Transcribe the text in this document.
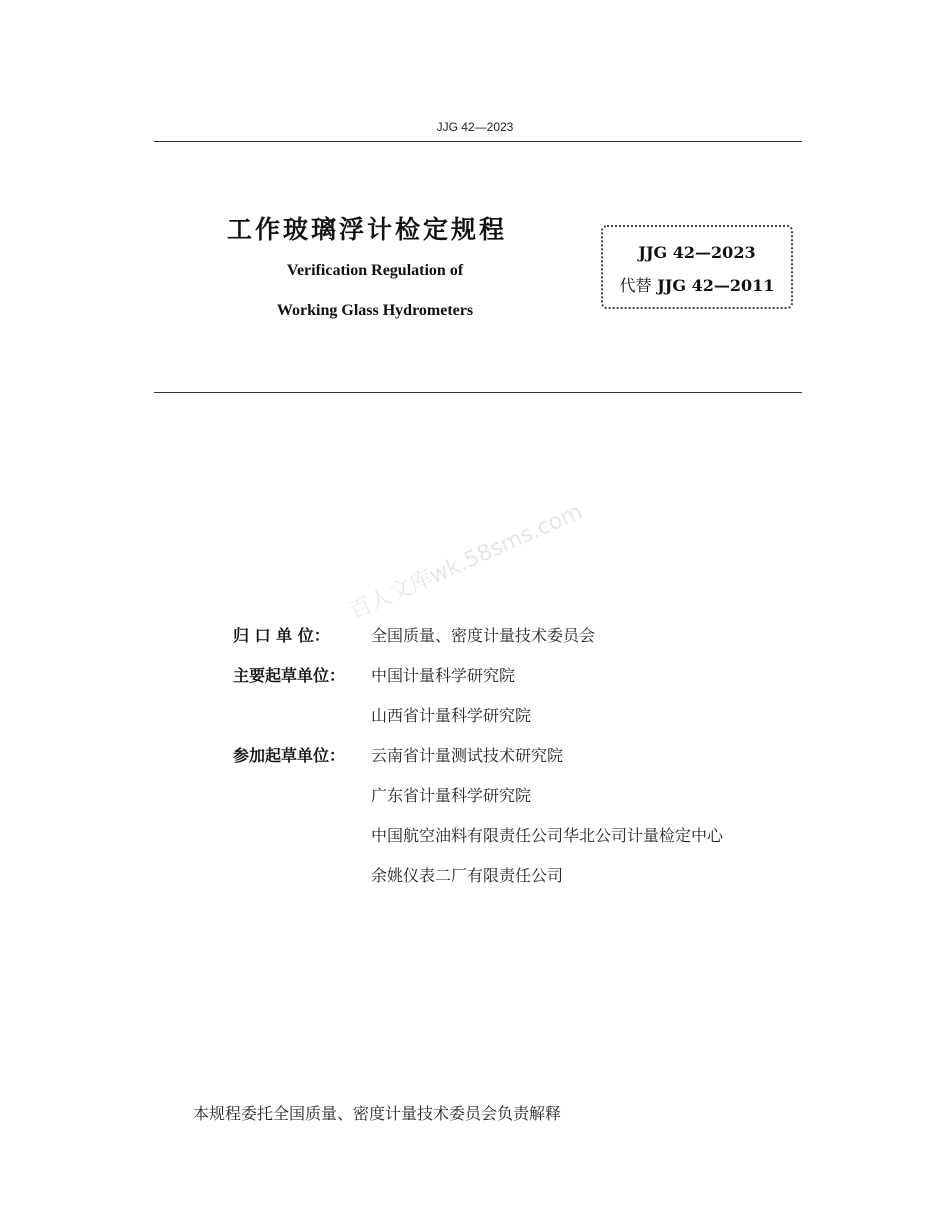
JJG 42—2023
工作玻璃浮计检定规程
Verification Regulation of
Working Glass Hydrometers
JJG 42—2023
代替 JJG 42—2011
百人文库wk.58sms.com
归 口 单 位：	全国质量、密度计量技术委员会
主要起草单位： 中国计量科学研究院
山西省计量科学研究院
参加起草单位： 云南省计量测试技术研究院
广东省计量科学研究院
中国航空油料有限责任公司华北公司计量检定中心
余姚仪表二厂有限责任公司
本规程委托全国质量、密度计量技术委员会负责解释
